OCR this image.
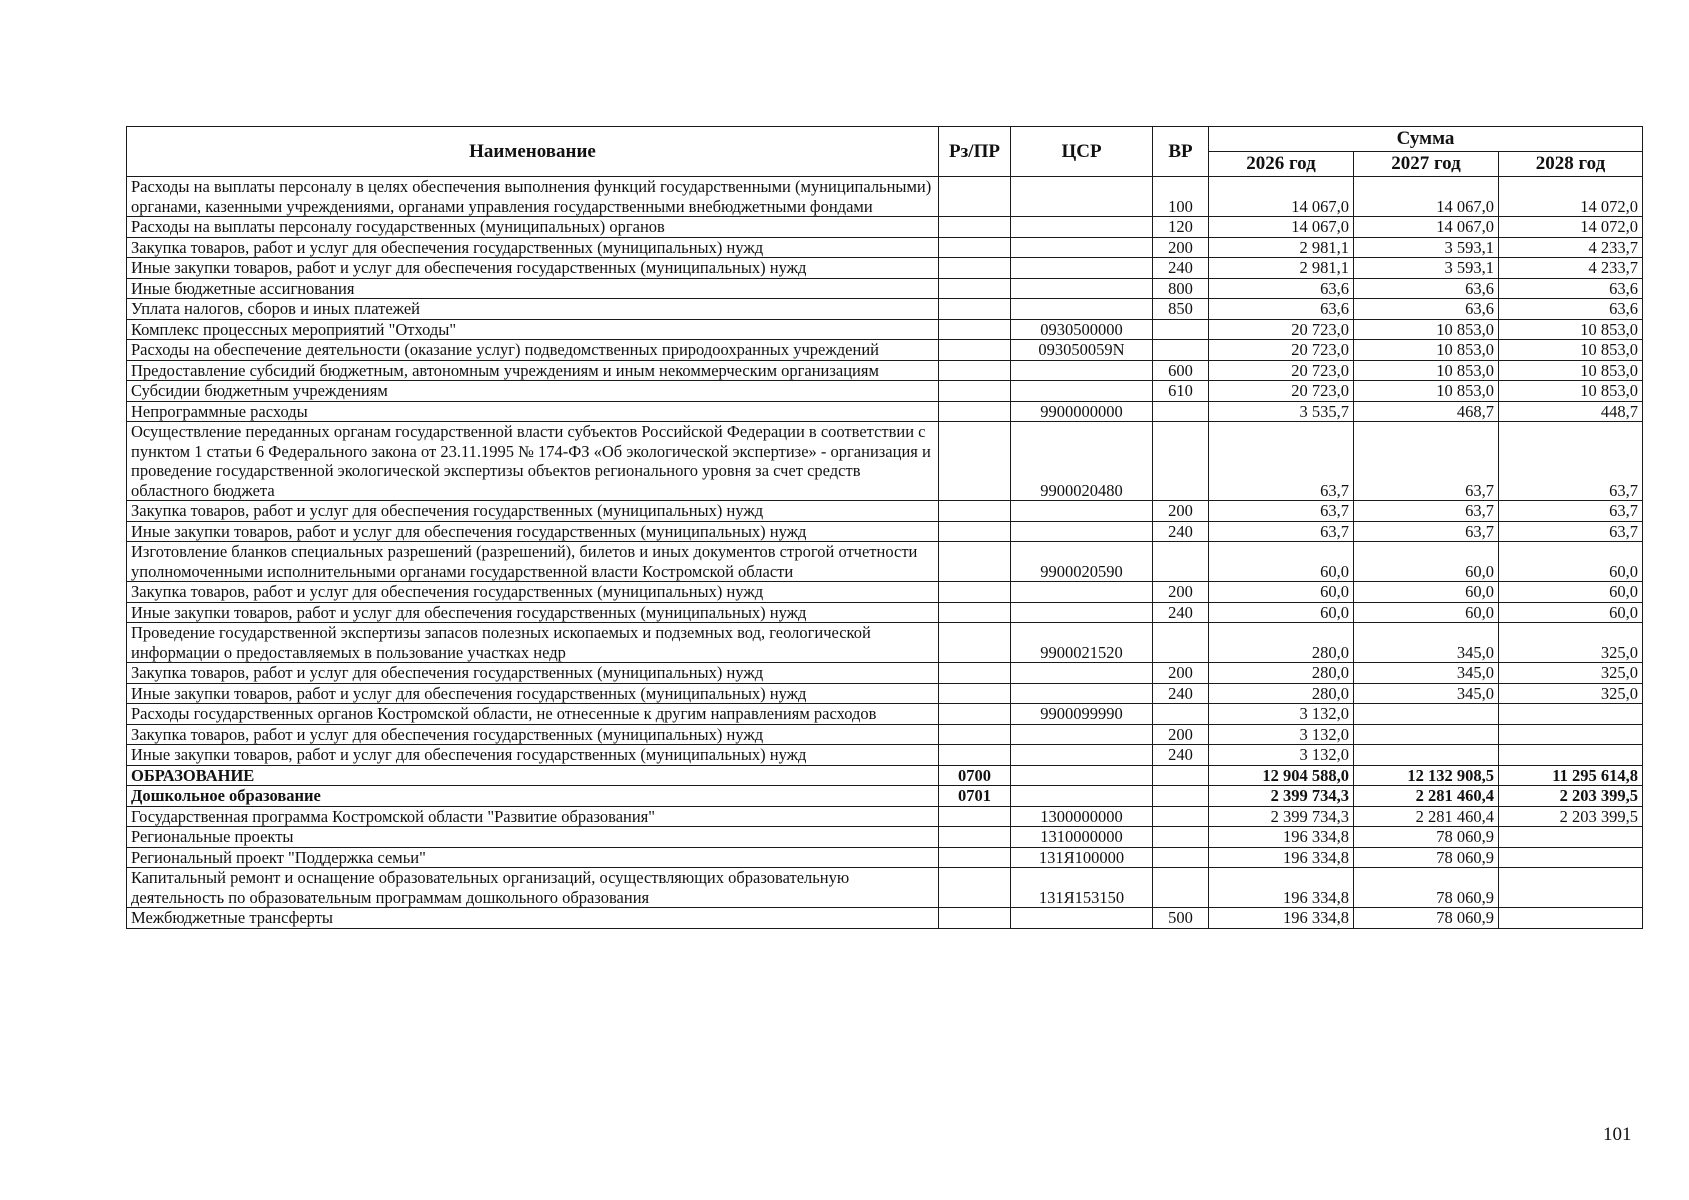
Наименование	Рз/ПР	ЦСР	ВР	Сумма		
				2026 год	2027 год	2028 год
Расходы на выплаты персоналу в целях обеспечения выполнения функций государственными (муниципальными) органами, казенными учреждениями, органами управления государственными внебюджетными фондами			100	14 067,0	14 067,0	14 072,0
Расходы на выплаты персоналу государственных (муниципальных) органов			120	14 067,0	14 067,0	14 072,0
Закупка товаров, работ и услуг для обеспечения государственных (муниципальных) нужд			200	2 981,1	3 593,1	4 233,7
Иные закупки товаров, работ и услуг для обеспечения государственных (муниципальных) нужд			240	2 981,1	3 593,1	4 233,7
Иные бюджетные ассигнования			800	63,6	63,6	63,6
Уплата налогов, сборов и иных платежей			850	63,6	63,6	63,6
Комплекс процессных мероприятий "Отходы"		0930500000		20 723,0	10 853,0	10 853,0
Расходы на обеспечение деятельности (оказание услуг) подведомственных природоохранных учреждений		093050059N		20 723,0	10 853,0	10 853,0
Предоставление субсидий бюджетным, автономным учреждениям и иным некоммерческим организациям			600	20 723,0	10 853,0	10 853,0
Субсидии бюджетным учреждениям			610	20 723,0	10 853,0	10 853,0
Непрограммные расходы		9900000000		3 535,7	468,7	448,7
Осуществление переданных органам государственной власти субъектов Российской Федерации в соответствии с пунктом 1 статьи 6 Федерального закона от 23.11.1995 № 174-ФЗ «Об экологической экспертизе» - организация и проведение государственной экологической экспертизы объектов регионального уровня за счет средств областного бюджета		9900020480		63,7	63,7	63,7
Закупка товаров, работ и услуг для обеспечения государственных (муниципальных) нужд			200	63,7	63,7	63,7
Иные закупки товаров, работ и услуг для обеспечения государственных (муниципальных) нужд			240	63,7	63,7	63,7
Изготовление бланков специальных разрешений (разрешений), билетов и иных документов строгой отчетности уполномоченными исполнительными органами государственной власти Костромской области		9900020590		60,0	60,0	60,0
Закупка товаров, работ и услуг для обеспечения государственных (муниципальных) нужд			200	60,0	60,0	60,0
Иные закупки товаров, работ и услуг для обеспечения государственных (муниципальных) нужд			240	60,0	60,0	60,0
Проведение государственной экспертизы запасов полезных ископаемых и подземных вод, геологической информации о предоставляемых в пользование участках недр		9900021520		280,0	345,0	325,0
Закупка товаров, работ и услуг для обеспечения государственных (муниципальных) нужд			200	280,0	345,0	325,0
Иные закупки товаров, работ и услуг для обеспечения государственных (муниципальных) нужд			240	280,0	345,0	325,0
Расходы государственных органов Костромской области, не отнесенные к другим направлениям расходов		9900099990		3 132,0		
Закупка товаров, работ и услуг для обеспечения государственных (муниципальных) нужд			200	3 132,0		
Иные закупки товаров, работ и услуг для обеспечения государственных (муниципальных) нужд			240	3 132,0		
ОБРАЗОВАНИЕ	0700			12 904 588,0	12 132 908,5	11 295 614,8
Дошкольное образование	0701			2 399 734,3	2 281 460,4	2 203 399,5
Государственная программа Костромской области "Развитие образования"		1300000000		2 399 734,3	2 281 460,4	2 203 399,5
Региональные проекты		1310000000		196 334,8	78 060,9	
Региональный проект "Поддержка семьи"		131Я100000		196 334,8	78 060,9	
Капитальный ремонт и оснащение образовательных организаций, осуществляющих образовательную деятельность по образовательным программам дошкольного образования		131Я153150		196 334,8	78 060,9	
Межбюджетные трансферты			500	196 334,8	78 060,9	
101
